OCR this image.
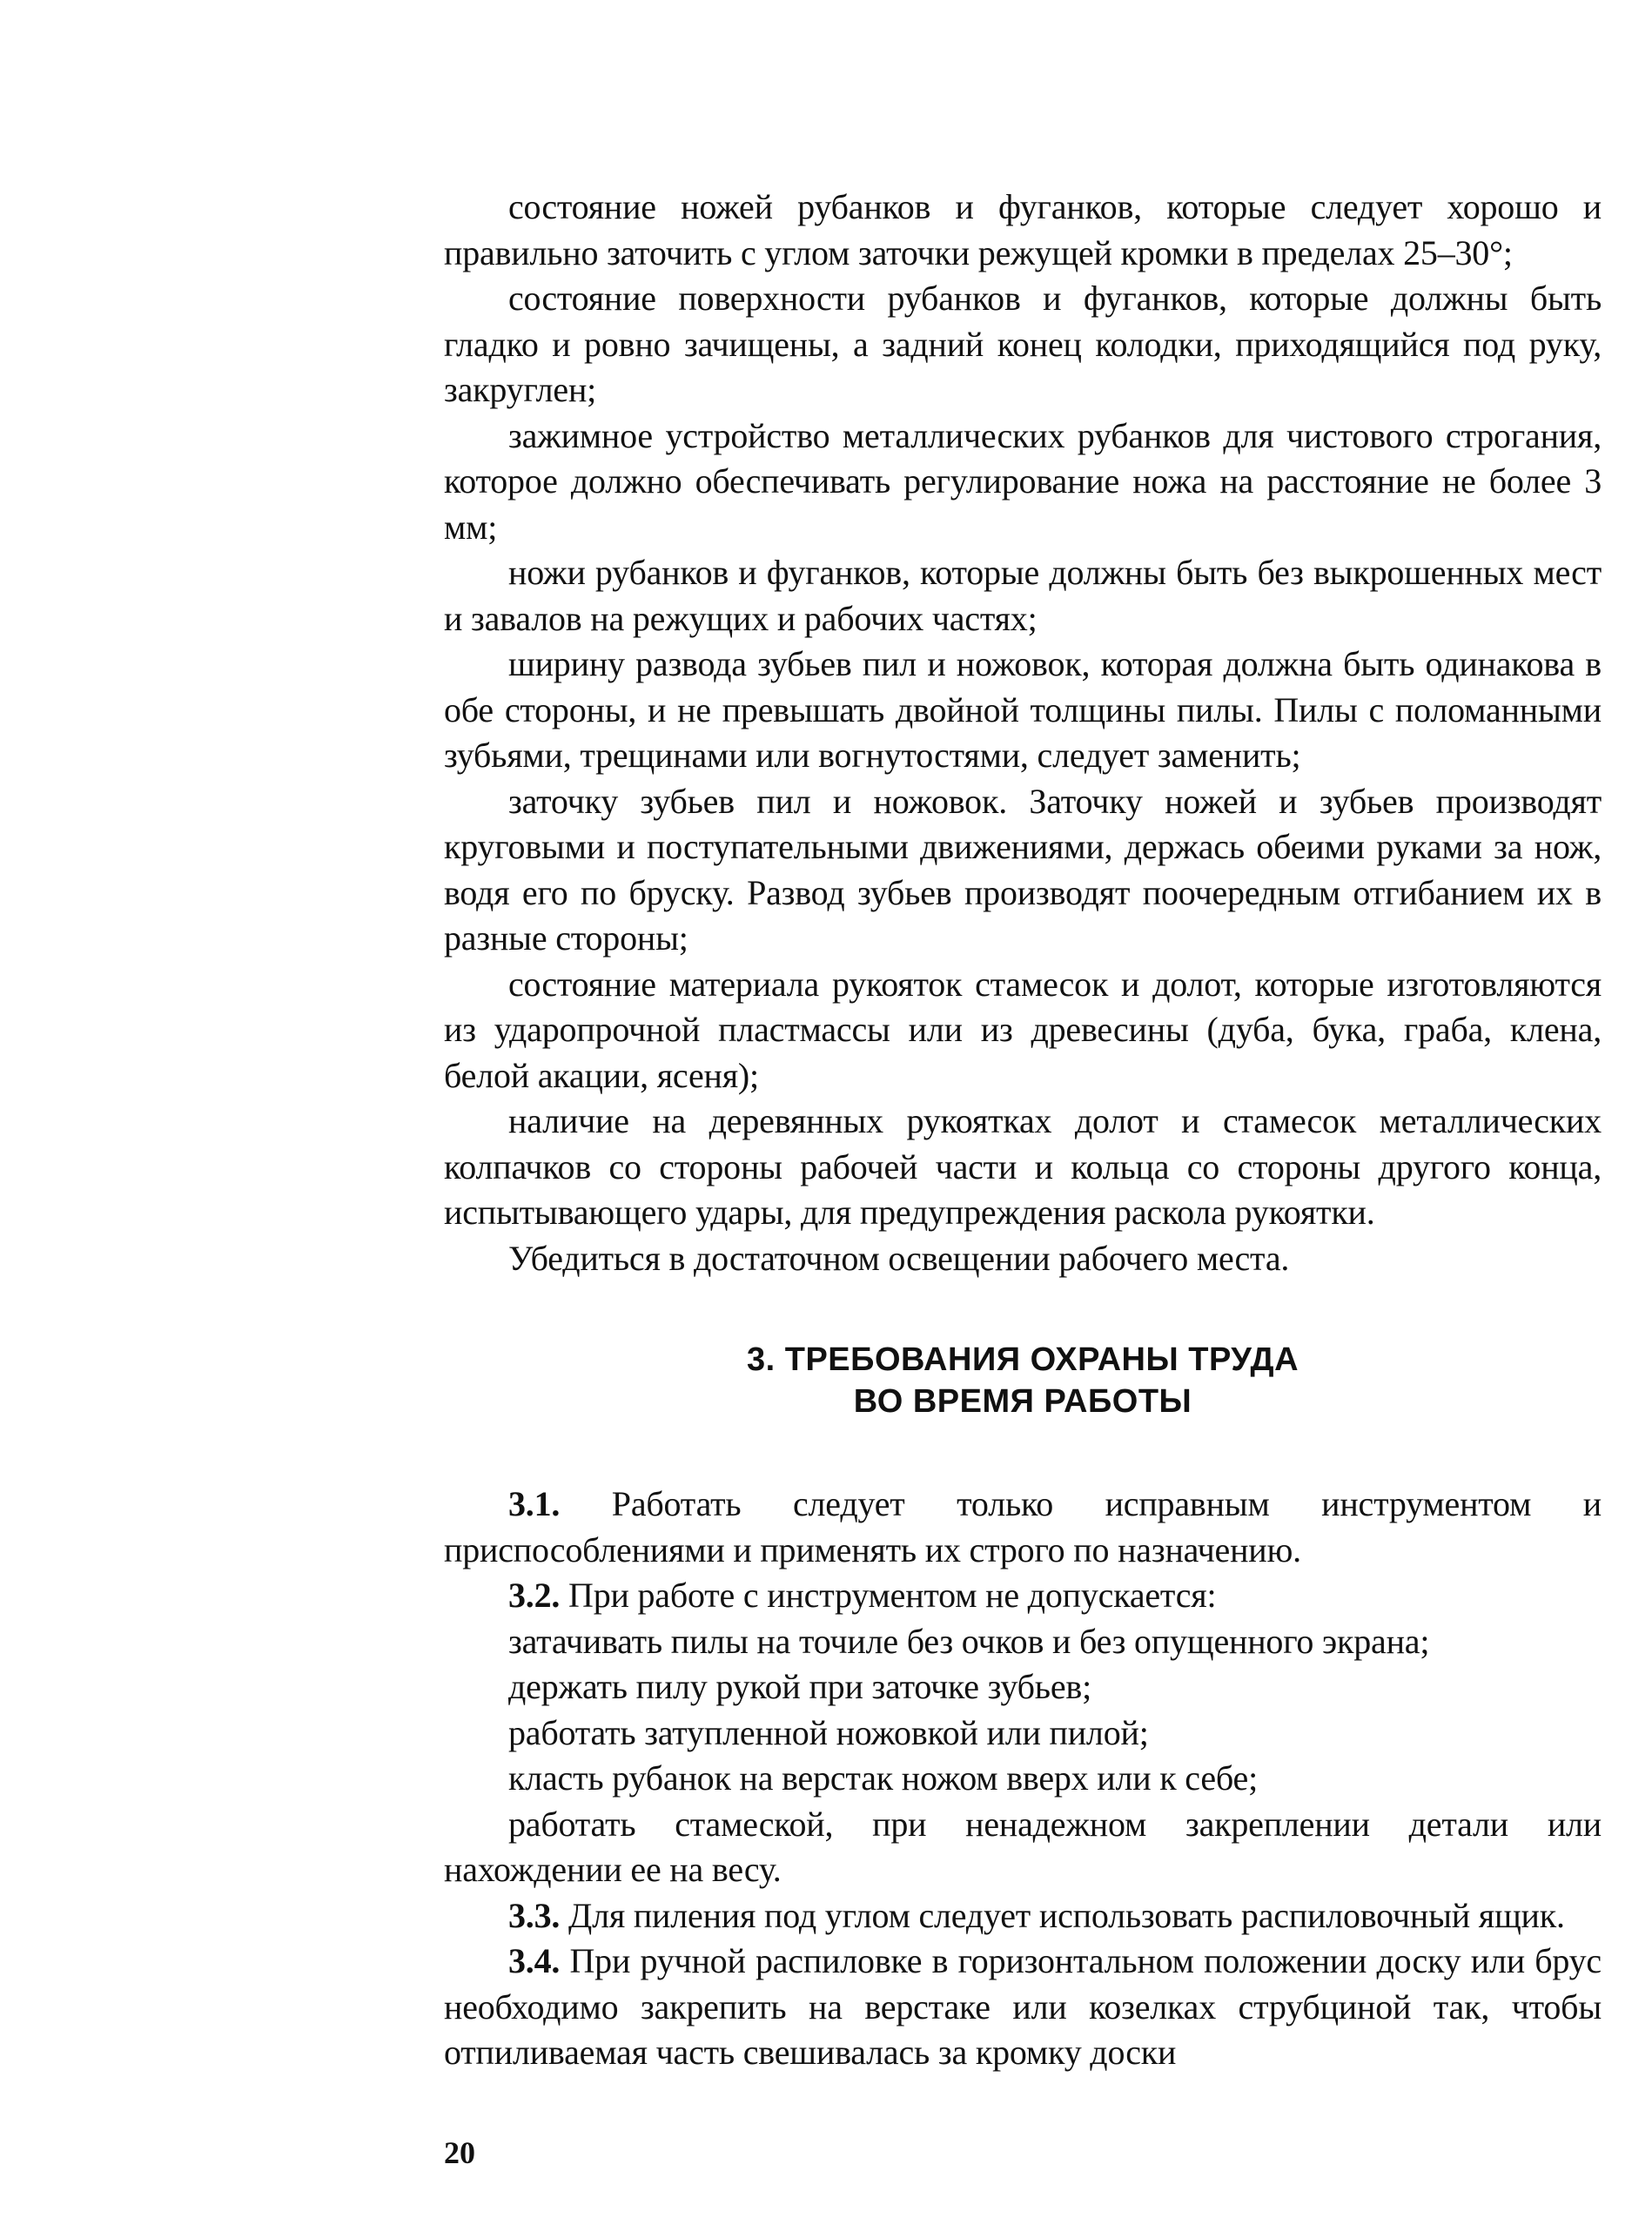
состояние ножей рубанков и фуганков, которые следует хорошо и правильно заточить с углом заточки режущей кромки в пределах 25–30°;

состояние поверхности рубанков и фуганков, которые должны быть гладко и ровно зачищены, а задний конец колодки, приходящийся под руку, закруглен;

зажимное устройство металлических рубанков для чистового строгания, которое должно обеспечивать регулирование ножа на расстояние не более 3 мм;

ножи рубанков и фуганков, которые должны быть без выкрошенных мест и завалов на режущих и рабочих частях;

ширину развода зубьев пил и ножовок, которая должна быть одинакова в обе стороны, и не превышать двойной толщины пилы. Пилы с поломанными зубьями, трещинами или вогнутостями, следует заменить;

заточку зубьев пил и ножовок. Заточку ножей и зубьев производят круговыми и поступательными движениями, держась обеими руками за нож, водя его по бруску. Развод зубьев производят поочередным отгибанием их в разные стороны;

состояние материала рукояток стамесок и долот, которые изготовляются из ударопрочной пластмассы или из древесины (дуба, бука, граба, клена, белой акации, ясеня);

наличие на деревянных рукоятках долот и стамесок металлических колпачков со стороны рабочей части и кольца со стороны другого конца, испытывающего удары, для предупреждения раскола рукоятки.

Убедиться в достаточном освещении рабочего места.

3. ТРЕБОВАНИЯ ОХРАНЫ ТРУДА
ВО ВРЕМЯ РАБОТЫ

3.1. Работать следует только исправным инструментом и приспособлениями и применять их строго по назначению.

3.2. При работе с инструментом не допускается:

затачивать пилы на точиле без очков и без опущенного экрана;

держать пилу рукой при заточке зубьев;

работать затупленной ножовкой или пилой;

класть рубанок на верстак ножом вверх или к себе;

работать стамеской, при ненадежном закреплении детали или нахождении ее на весу.

3.3. Для пиления под углом следует использовать распиловочный ящик.

3.4. При ручной распиловке в горизонтальном положении доску или брус необходимо закрепить на верстаке или козелках струбциной так, чтобы отпиливаемая часть свешивалась за кромку доски

20
